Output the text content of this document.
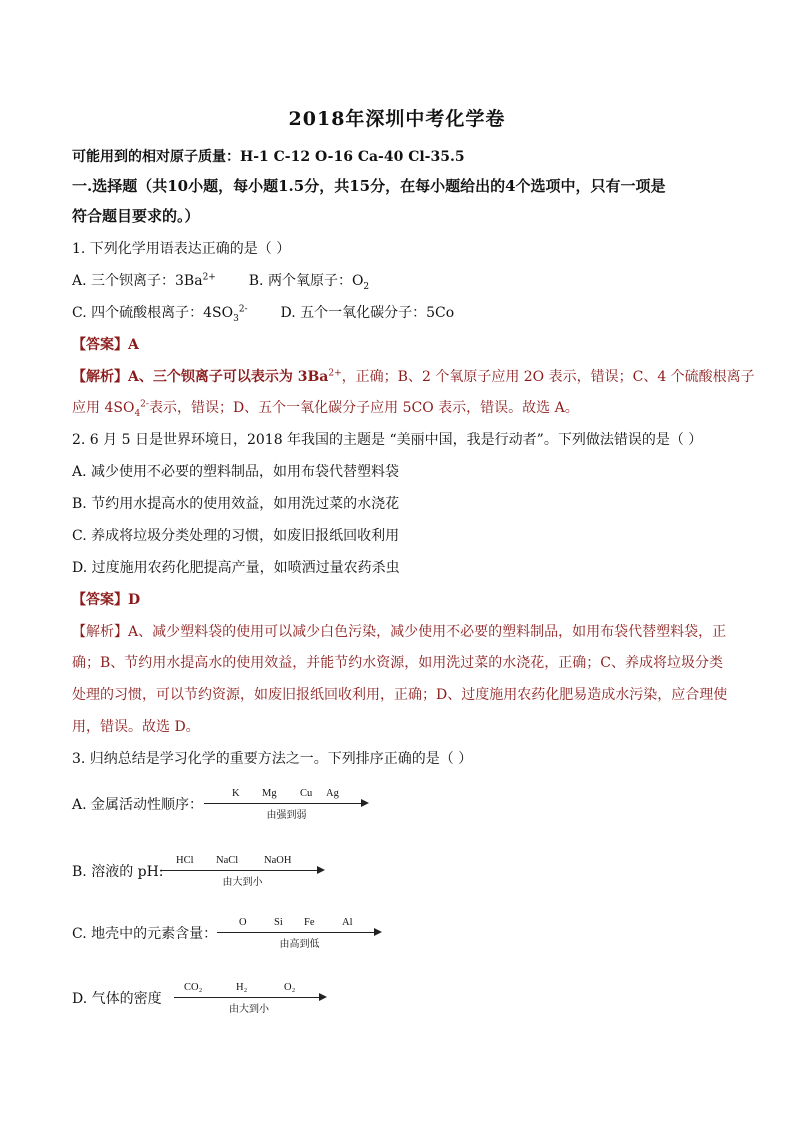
2018年深圳中考化学卷
可能用到的相对原子质量：H-1 C-12 O-16 Ca-40 Cl-35.5
一.选择题（共10小题，每小题1.5分，共15分，在每小题给出的4个选项中，只有一项是
符合题目要求的。）
1. 下列化学用语表达正确的是（ ）
A. 三个钡离子：$3Ba^{2+}$ B. 两个氧原子：$O_2$
C. 四个硫酸根离子：$4SO_3^{2-}$ D. 五个一氧化碳分子：5Co
【答案】A
【解析】A、三个钡离子可以表示为 $3Ba^{2+}$，正确；B、2 个氧原子应用 2O 表示，错误；C、4 个硫酸根离子
应用 $4SO_4^{2-}$表示，错误；D、五个一氧化碳分子应用 5CO 表示，错误。故选 A。
2. 6 月 5 日是世界环境日，2018 年我国的主题是 “美丽中国，我是行动者”。下列做法错误的是（ ）
A. 减少使用不必要的塑料制品，如用布袋代替塑料袋
B. 节约用水提高水的使用效益，如用洗过菜的水浇花
C. 养成将垃圾分类处理的习惯，如废旧报纸回收利用
D. 过度施用农药化肥提高产量，如喷洒过量农药杀虫
【答案】D
【解析】A、减少塑料袋的使用可以减少白色污染，减少使用不必要的塑料制品，如用布袋代替塑料袋，正
确；B、节约用水提高水的使用效益，并能节约水资源，如用洗过菜的水浇花，正确；C、养成将垃圾分类
处理的习惯，可以节约资源，如废旧报纸回收利用，正确；D、过度施用农药化肥易造成水污染，应合理使
用，错误。故选 D。
3. 归纳总结是学习化学的重要方法之一。下列排序正确的是（ ）
A. 金属活动性顺序：
K Mg Cu Ag
由强到弱
B. 溶液的 pH:
HCl NaCl NaOH
由大到小
C. 地壳中的元素含量：
O	Si Fe	Al
由高到低
D. 气体的密度
CO₂	H₂	O₂
由大到小
